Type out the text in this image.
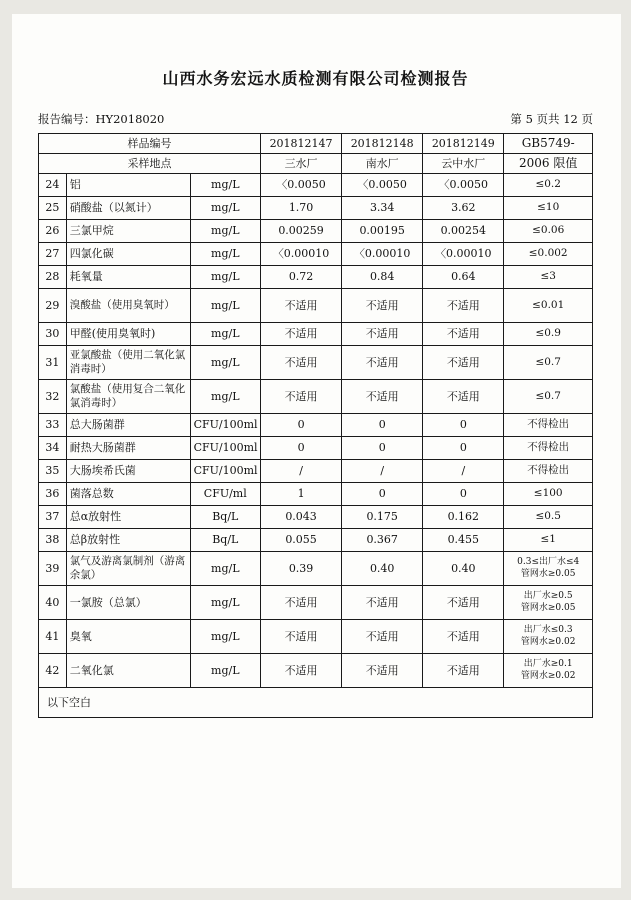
山西水务宏远水质检测有限公司检测报告
报告编号：HY2018020	第 5 页共 12 页
样品编号			201812147	201812148	201812149	GB5749-
采样地点			三水厂	南水厂	云中水厂	2006 限值
24	铝	mg/L	〈0.0050	〈0.0050	〈0.0050	≤0.2
25	硝酸盐（以氮计）	mg/L	1.70	3.34	3.62	≤10
26	三氯甲烷	mg/L	0.00259	0.00195	0.00254	≤0.06
27	四氯化碳	mg/L	〈0.00010	〈0.00010	〈0.00010	≤0.002
28	耗氧量	mg/L	0.72	0.84	0.64	≤3
29	溴酸盐（使用臭氧时）	mg/L	不适用	不适用	不适用	≤0.01
30	甲醛(使用臭氧时)	mg/L	不适用	不适用	不适用	≤0.9
31	亚氯酸盐（使用二氧化氯消毒时）	mg/L	不适用	不适用	不适用	≤0.7
32	氯酸盐（使用复合二氧化氯消毒时）	mg/L	不适用	不适用	不适用	≤0.7
33	总大肠菌群	CFU/100ml	0	0	0	不得检出
34	耐热大肠菌群	CFU/100ml	0	0	0	不得检出
35	大肠埃希氏菌	CFU/100ml	/	/	/	不得检出
36	菌落总数	CFU/ml	1	0	0	≤100
37	总α放射性	Bq/L	0.043	0.175	0.162	≤0.5
38	总β放射性	Bq/L	0.055	0.367	0.455	≤1
39	氯气及游离氯制剂（游离余氯）	mg/L	0.39	0.40	0.40	0.3≤出厂水≤4
管网水≥0.05
40	一氯胺（总氯）	mg/L	不适用	不适用	不适用	出厂水≥0.5
管网水≥0.05
41	臭氧	mg/L	不适用	不适用	不适用	出厂水≤0.3
管网水≥0.02
42	二氧化氯	mg/L	不适用	不适用	不适用	出厂水≥0.1
管网水≥0.02
以下空白
